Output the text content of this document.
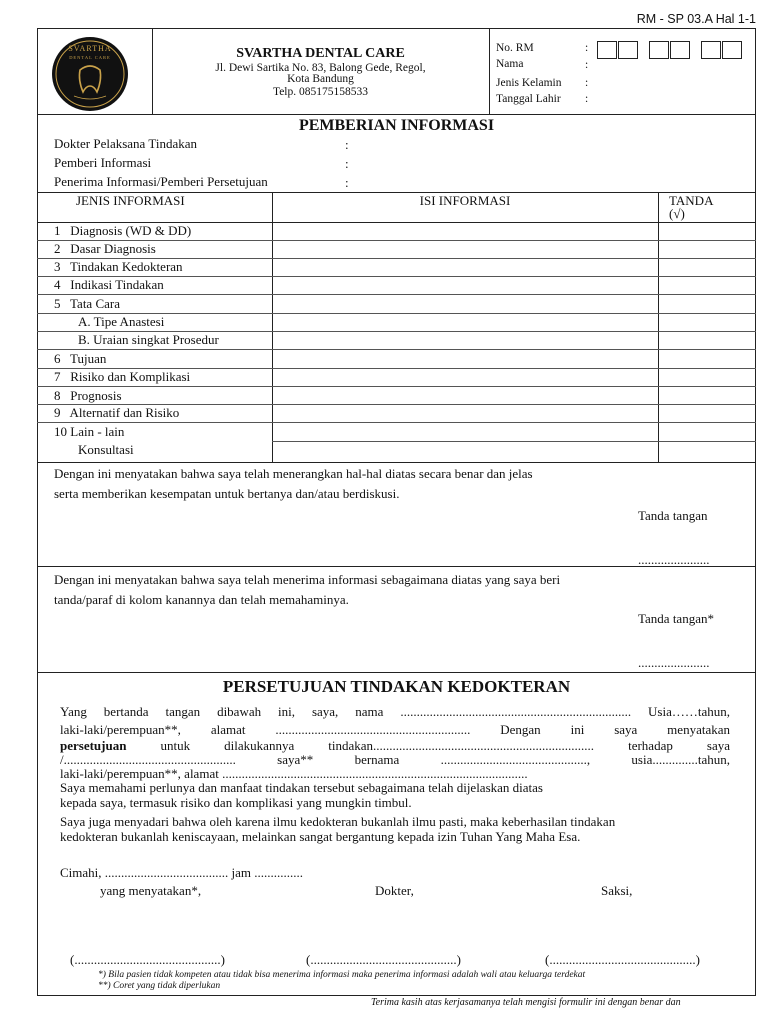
RM - SP 03.A Hal 1-1
SVARTHA
DENTAL CARE	SVARTHA DENTAL CARE
Jl. Dewi Sartika No. 83, Balong Gede, Regol,
Kota Bandung
Telp. 085175158533
No. RM	:
Nama	:
Jenis Kelamin :
Tanggal Lahir :
PEMBERIAN INFORMASI
Dokter Pelaksana Tindakan	:
Pemberi Informasi	:
Penerima Informasi/Pemberi Persetujuan	:
JENIS INFORMASI	ISI INFORMASI	TANDA
(√)
1   Diagnosis (WD & DD)
2   Dasar Diagnosis
3   Tindakan Kedokteran
4   Indikasi Tindakan
5   Tata Cara
A. Tipe Anastesi
B. Uraian singkat Prosedur
6   Tujuan
7   Risiko dan Komplikasi
8   Prognosis
9   Alternatif dan Risiko
10 Lain - lain
Konsultasi
Dengan ini menyatakan bahwa saya telah menerangkan hal-hal diatas secara benar dan jelas
serta memberikan kesempatan untuk bertanya dan/atau berdiskusi.
Tanda tangan
......................
Dengan ini menyatakan bahwa saya telah menerima informasi sebagaimana diatas yang saya beri
tanda/paraf di kolom kanannya dan telah memahaminya.
Tanda tangan*
......................
PERSETUJUAN TINDAKAN KEDOKTERAN
Yang bertanda tangan dibawah ini, saya, nama ....................................................................... Usia……tahun,
laki-laki/perempuan**, alamat ............................................................ Dengan ini saya menyatakan
persetujuan untuk dilakukannya tindakan.................................................................... terhadap saya
/..................................................... saya** bernama ............................................., usia..............tahun,
laki-laki/perempuan**, alamat ..............................................................................................
Saya memahami perlunya dan manfaat tindakan tersebut sebagaimana telah dijelaskan diatas
kepada saya, termasuk risiko dan komplikasi yang mungkin timbul.
Saya juga menyadari bahwa oleh karena ilmu kedokteran bukanlah ilmu pasti, maka keberhasilan tindakan
kedokteran bukanlah keniscayaan, melainkan sangat bergantung kepada izin Tuhan Yang Maha Esa.
Cimahi, ...................................... jam ...............
yang menyatakan*,	Dokter,	Saksi,
(.............................................)	(.............................................)	(.............................................)
*) Bila pasien tidak kompeten atau tidak bisa menerima informasi maka penerima informasi adalah wali atau keluarga terdekat
**) Coret yang tidak diperlukan
Terima kasih atas kerjasamanya telah mengisi formulir ini dengan benar dan
